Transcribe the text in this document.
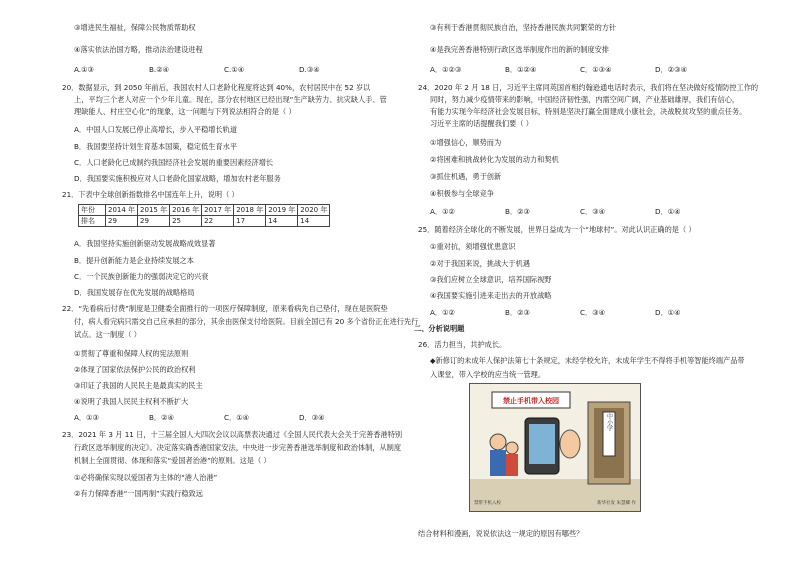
③增进民生福祉，保障公民物质帮助权
④落实依法治国方略，推动法治建设进程
A.①③	B.②④	C.①④	D.③④
20．数据显示，到 2050 年前后，我国农村人口老龄化程度将达到 40%，农村居民中在 52 岁以
上，平均三个老人对应一个少年儿童。现在，部分农村地区已经出现“生产缺劳力、抗灾缺人手、管
理缺能人、村庄空心化”的现象，这一问题与下列说法相符合的是（ ）
A．中国人口发展已停止高增长，步入平稳增长轨道
B．我国要坚持计划生育基本国策，稳定低生育水平
C．人口老龄化已成制约我国经济社会发展的重要因素经济增长
D．我国要实施积极应对人口老龄化国家战略，增加农村老年服务
21．下表中全球创新指数排名中国连年上升，说明（ ）
年份	2014 年	2015 年	2016 年	2017 年	2018 年	2019 年	2020 年
排名	29	29	25	22	17	14	14
A．我国坚持实施创新驱动发展战略成效显著
B．提升创新能力是企业持续发展之本
C．一个民族创新能力的强弱决定它的兴衰
D．我国发展存在优先发展的战略格局
22．“先看病后付费”制度是卫健委全面推行的一项医疗保障制度，原来看病先自己垫付，现在是医院垫
付，病人看完病只需交自己应承担的部分，其余由医保支付给医院。目前全国已有 20 多个省份正在进行先行
试点。这一制度（ ）
①贯彻了尊重和保障人权的宪法原则
②体现了国家依法保护公民的政治权利
③印证了我国的人民民主是最真实的民主
④说明了我国人民民主权利不断扩大
A．①③	B．②④	C．①④	D．③④
23．2021 年 3 月 11 日，十三届全国人大四次会议以高票表决通过《全国人民代表大会关于完善香港特别
行政区选举制度的决定》。决定落实确香港国家安法，中央进一步完善香港选举制度和政治体制，从制度
机制上全面贯彻、体现和落实“爱国者治港”的原则。这是（ ）
①必将确保实现以爱国者为主体的“港人治港”
②有力保障香港“一国两制”实践行稳致远
③有利于香港贯彻民族自治，坚持香港民族共同繁荣的方针
④是我完善香港特别行政区选举制度作出的新的制度安排
A．①②③	B．①②④	C．①③④	D．②③④
24．2020 年 2 月 18 日，习近平主席同英国首相约翰逊通电话时表示，我们将在坚决做好疫情防控工作的
同时，努力减少疫情带来的影响，中国经济韧性强，内需空间广阔，产业基础雄厚，我们有信心，
有能力实现今年经济社会发展目标，特别是坚决打赢全面建成小康社会，决战脱贫攻坚的重点任务。
习近平主席的话提醒我们要（ ）
①增强信心，顺势而为
②将困难和挑战转化为发展的动力和契机
③抓住机遇，勇于创新
④积极参与全球竞争
A．①②	B．②③	C．③④	D．①④
25．随着经济全球化的不断发展，世界日益成为一个“地球村”。对此认识正确的是（ ）
①重对抗，须增强忧患意识
②对于我国来说，挑战大于机遇
③我们应树立全球意识，培养国际视野
④我国要实施引进来走出去的开放战略
A．①②	B．②③	C．③④	D．①④
二、分析说明题
26．活力担当，共护成长。
◆新修订的未成年人保护法第七十条规定，未经学校允许，未成年学生不得将手机等智能终端产品带
入课堂，带入学校的应当统一管理。
禁止手机带入校园
中小学
禁带手机入校	新华社发 朱慧卿 作
结合材料和漫画，说说依法这一规定的原因有哪些？
